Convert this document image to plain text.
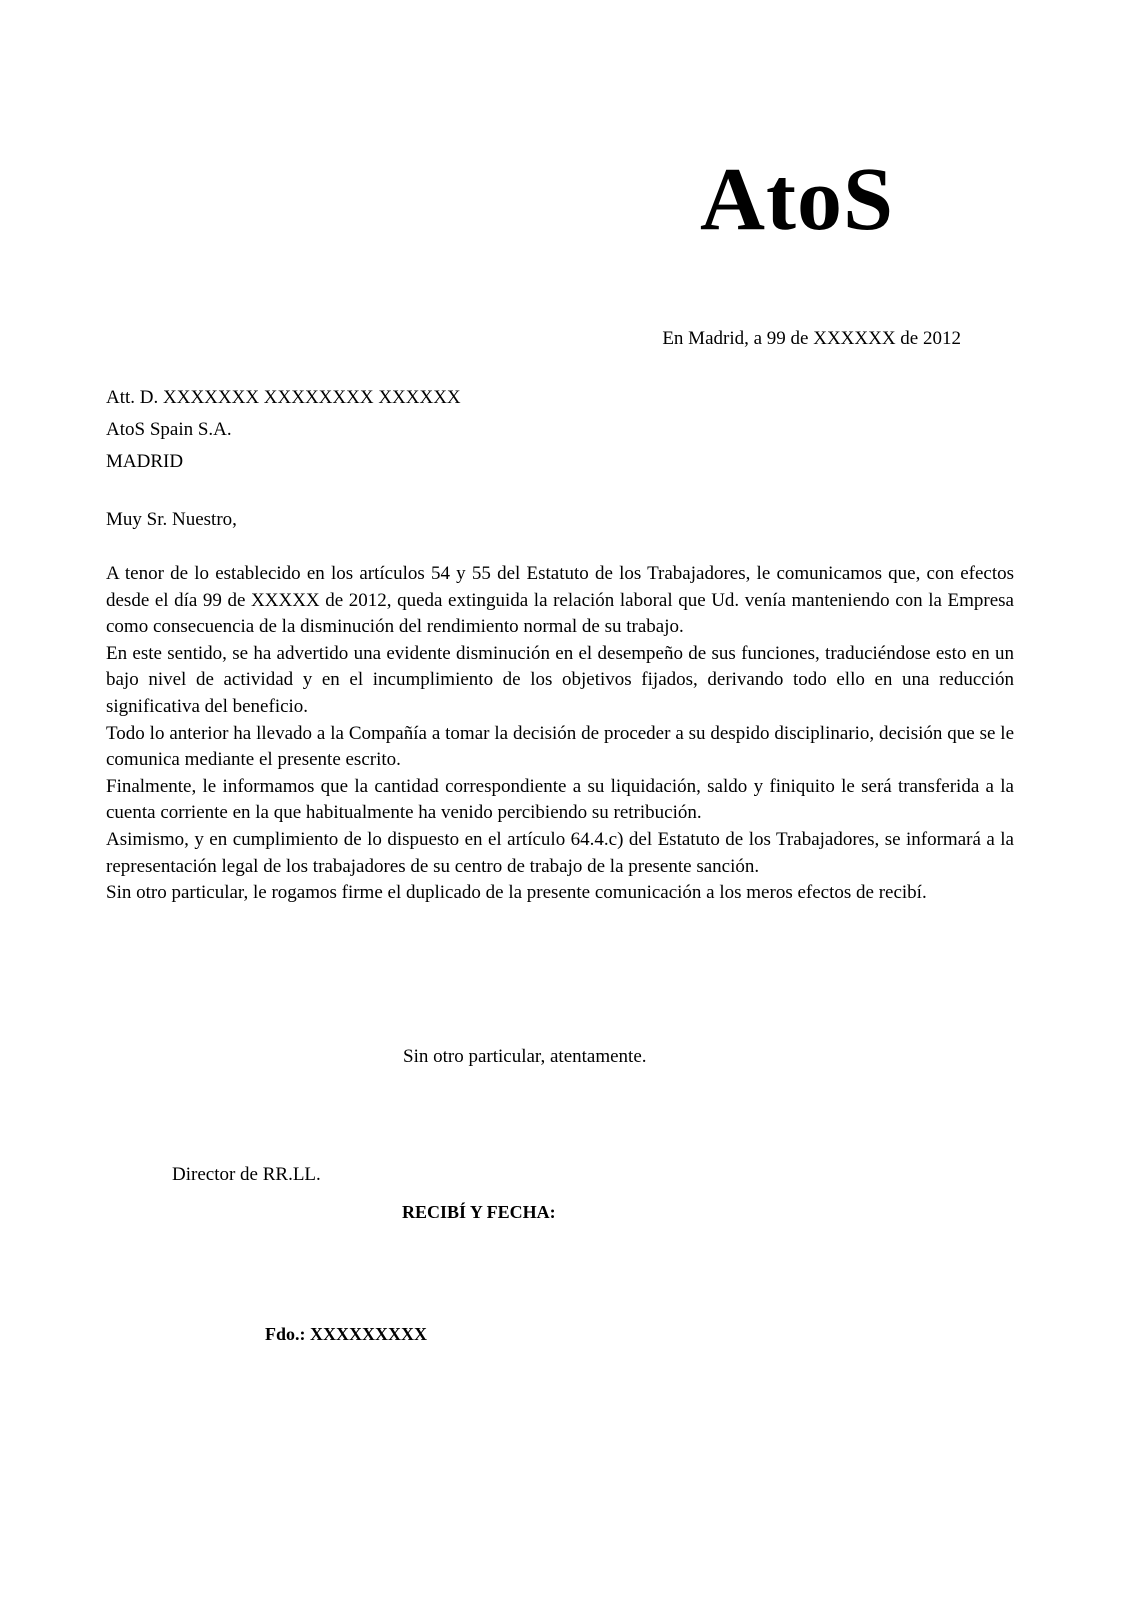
AtoS
En Madrid, a 99 de XXXXXX de 2012
Att. D. XXXXXXX XXXXXXXX XXXXXX
AtoS Spain S.A.
MADRID
Muy Sr. Nuestro,

A tenor de lo establecido en los artículos 54 y 55 del Estatuto de los Trabajadores, le comunicamos que, con efectos desde el día 99 de XXXXX de 2012, queda extinguida la relación laboral que Ud. venía manteniendo con la Empresa como consecuencia de la disminución del rendimiento normal de su trabajo.

En este sentido, se ha advertido una evidente disminución en el desempeño de sus funciones, traduciéndose esto en un bajo nivel de actividad y en el incumplimiento de los objetivos fijados, derivando todo ello en una reducción significativa del beneficio.

Todo lo anterior ha llevado a la Compañía a tomar la decisión de proceder a su despido disciplinario, decisión que se le comunica mediante el presente escrito.

Finalmente, le informamos que la cantidad correspondiente a su liquidación, saldo y finiquito le será transferida a la cuenta corriente en la que habitualmente ha venido percibiendo su retribución.

Asimismo, y en cumplimiento de lo dispuesto en el artículo 64.4.c) del Estatuto de los Trabajadores, se informará a la representación legal de los trabajadores de su centro de trabajo de la presente sanción.

Sin otro particular, le rogamos firme el duplicado de la presente comunicación a los meros efectos de recibí.

Sin otro particular, atentamente.
Director de RR.LL.
RECIBÍ Y FECHA:
Fdo.: XXXXXXXXX
